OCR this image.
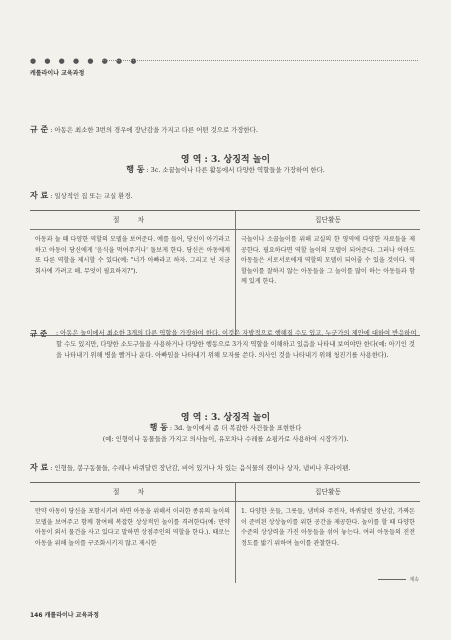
● ● ● ● ● ● ● ●
캐롤라이나 교육과정
규 준 : 아동은 최소한 3번의 경우에 장난감을 가지고 다른 어떤 것으로 가장한다.
영 역 : 3. 상징적 놀이
행 동 : 3c. 소꿉놀이나 다른 활동에서 다양한 역할들을 가장하여 한다.
자 료 : 일상적인 집 또는 교실 환경.
절 차	집단활동
아동과 놀 때 다양한 역할의 모델을 보여준다. 예를 들어, 당신이 아기라고 하고 아동이 당신에게 '음식을 먹여주거나' 돌보게 한다. 당신은 아동에게 또 다른 역할을 제시할 수 있다(예: "너가 아빠라고 하자. 그리고 넌 지금 회사에 가려고 해. 무엇이 필요하지?").	극놀이나 소꿉놀이를 위해 교실의 한 영역에 다양한 자료들을 제공한다. 필요하다면 역할 놀이의 모델이 되어준다. 그러나 아마도 아동들은 서로서로에게 역할의 모델이 되어줄 수 있을 것이다. 역할놀이를 잘하지 않는 아동들을 그 놀이를 많이 하는 아동들과 함께 있게 한다.
규 준	: 아동은 놀이에서 최소한 3개의 다른 역할을 가장하여 한다. 이것은 자발적으로 행해질 수도 있고, 누군가의 제안에 대하여 반응하여 할 수도 있지만, 다양한 소도구들을 사용하거나 다양한 행동으로 3가지 역할을 이해하고 있음을 나타내 보여야만 한다(예: 아기인 것을 나타내기 위해 병을 빨거나 운다. 아빠임을 나타내기 위해 모자를 쓴다. 의사인 것을 나타내기 위해 청진기를 사용한다).
영 역 : 3. 상징적 놀이
행 동 : 3d. 놀이에서 좀 더 복잡한 사건들을 표현한다
(예: 인형이나 동물들을 가지고 의사놀이, 유모차나 수레를 쇼핑카로 사용하여 시장가기).
자 료 : 인형들, 봉구동물들, 수레나 바퀴달린 장난감, 비어 있거나 차 있는 음식물의 캔이나 상자, 냄비나 후라이팬.
절 차	집단활동
만약 아동이 당신을 포함시키려 하면 아동을 위해서 이러한 종류의 놀이의 모델을 보여주고 함께 참여해 복잡한 상상적인 놀이를 격려한다(예: 만약 아동이 외서 물건을 사고 있다고 말하면 상점주인의 역할을 한다.). 때로는 아동을 위해 놀이를 구조화시키지 않고 제시한	1. 다양한 옷들, 그릇들, 냄비와 주전자, 바퀴달린 장난감, 가짜돈이 준비된 상상놀이를 위한 공간을 제공한다. 놀이를 할 때 다양한 수준의 상상력을 가진 아동들을 섞어 놓는다. 여러 아동들의 진전 정도를 밟기 위하여 놀이를 관찰한다.
계속
146 캐롤라이나 교육과정
